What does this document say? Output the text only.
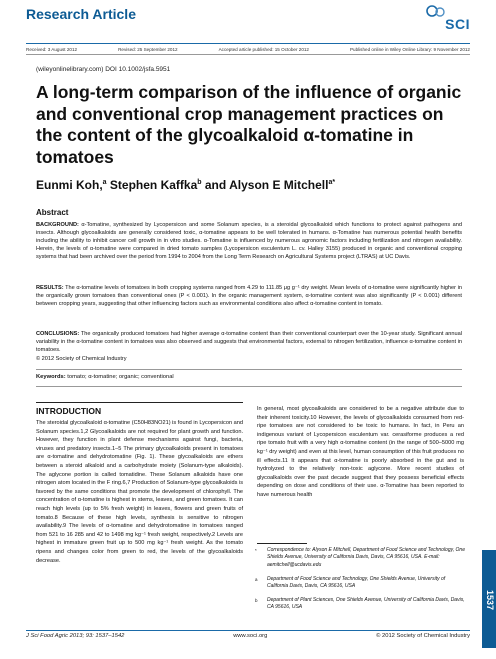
Research Article
SCI
Received: 3 August 2012	Revised: 25 September 2012	Accepted article published: 15 October 2012	Published online in Wiley Online Library: 9 November 2012
(wileyonlinelibrary.com) DOI 10.1002/jsfa.5951
A long-term comparison of the influence of organic and conventional crop management practices on the content of the glycoalkaloid α-tomatine in tomatoes
Eunmi Koh,$^a$ Stephen Kaffka$^b$ and Alyson E Mitchell$^{a*}$
Abstract

BACKGROUND: α-Tomatine, synthesized by Lycopersicon and some Solanum species, is a steroidal glycoalkaloid which functions to protect against pathogens and insects. Although glycoalkaloids are generally considered toxic, α-tomatine appears to be well tolerated in humans. α-Tomatine has numerous potential health benefits including the ability to inhibit cancer cell growth in in vitro studies. α-Tomatine is influenced by numerous agronomic factors including fertilization and nitrogen availability. Herein, the levels of α-tomatine were compared in dried tomato samples (Lycopersicon esculentum L. cv. Halley 3155) produced in organic and conventional cropping systems that had been archived over the period from 1994 to 2004 from the Long Term Research on Agricultural Systems project (LTRAS) at UC Davis.

RESULTS: The α-tomatine levels of tomatoes in both cropping systems ranged from 4.29 to 111.85 μg g⁻¹ dry weight. Mean levels of α-tomatine were significantly higher in the organically grown tomatoes than conventional ones (P < 0.001). In the organic management system, α-tomatine content was also significantly (P < 0.001) different between cropping years, suggesting that other influencing factors such as environmental conditions also affect α-tomatine content in tomato.

CONCLUSIONS: The organically produced tomatoes had higher average α-tomatine content than their conventional counterpart over the 10-year study. Significant annual variability in the α-tomatine content in tomatoes was also observed and suggests that environmental factors, external to nitrogen fertilization, influence α-tomatine content in tomatoes.

© 2012 Society of Chemical Industry

Keywords: tomato; α-tomatine; organic; conventional
INTRODUCTION

The steroidal glycoalkaloid α-tomatine (C50H83NO21) is found in Lycopersicon and Solanum species.1,2 Glycoalkaloids are not required for plant growth and function. However, they function in plant defense mechanisms against fungi, bacteria, viruses and predatory insects.1–5 The primary glycoalkaloids present in tomatoes are α-tomatine and dehydrotomatine (Fig. 1). These glycoalkaloids are ethers between a steroid alkaloid and a carbohydrate moiety (Solanum-type alkaloids). The aglycone portion is called tomatidine. These Solanum alkaloids have one nitrogen atom located in the F ring.6,7 Production of Solanum-type glycoalkaloids is favored by the same conditions that promote the development of chlorophyll. The concentration of α-tomatine is highest in stems, leaves, and green tomatoes. It can reach high levels (up to 5% fresh weight) in leaves, flowers and green fruits of tomato.8 Because of these high levels, synthesis is sensitive to nitrogen availability.9 The levels of α-tomatine and dehydrotomatine in tomatoes ranged from 521 to 16 285 and 42 to 1498 mg kg⁻¹ fresh weight, respectively.2 Levels are highest in immature green fruit up to 500 mg kg⁻¹ fresh weight. As the tomato ripens and changes color from green to red, the levels of the glycoalkaloids decrease.

In general, most glycoalkaloids are considered to be a negative attribute due to their inherent toxicity.10 However, the levels of glycoalkaloids consumed from red-ripe tomatoes are not considered to be toxic to humans. In fact, in Peru an indigenous variant of Lycopersicon esculentum var. cerasiforme produces a red ripe tomato fruit with a very high α-tomatine content (in the range of 500–5000 mg kg⁻¹ dry weight) and even at this level, human consumption of this fruit produces no ill effects.11 It appears that α-tomatine is poorly absorbed in the gut and is hydrolyzed to the relatively non-toxic aglycone. More recent studies of glycoalkaloids over the past decade suggest that they possess beneficial effects depending on dose and conditions of their use. α-Tomatine has been reported to have numerous health

*	Correspondence to: Alyson E Mitchell, Department of Food Science and Technology, One Shields Avenue, University of California Davis, Davis, CA 95616, USA. E-mail: aemitchell@ucdavis.edu
a	Department of Food Science and Technology, One Shields Avenue, University of California Davis, Davis, CA 95616, USA
b	Department of Plant Sciences, One Shields Avenue, University of California Davis, Davis, CA 95616, USA	1537
J Sci Food Agric 2013; 93: 1537–1542	www.soci.org	© 2012 Society of Chemical Industry
